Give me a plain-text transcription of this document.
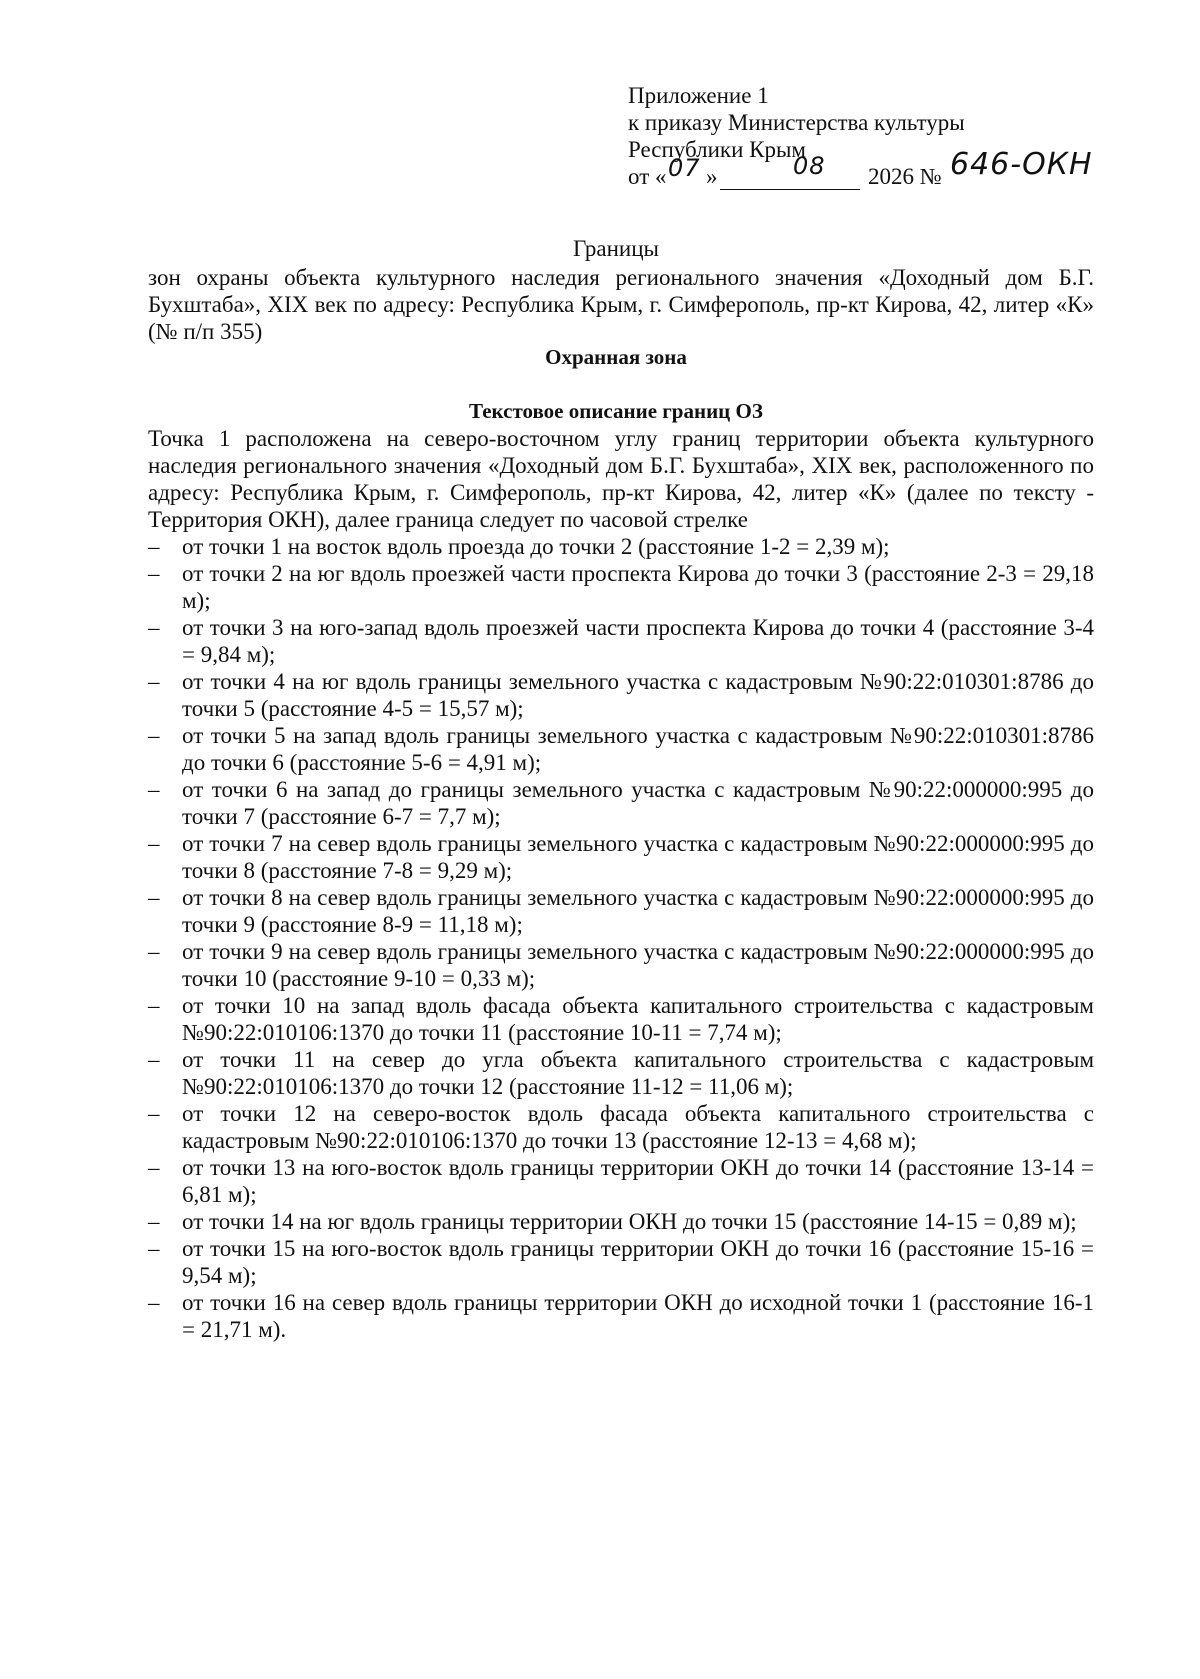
Приложение 1
к приказу Министерства культуры
Республики Крым
от « 07 »	08 2026 № 646-ОКН
Границы
зон охраны объекта культурного наследия регионального значения «Доходный дом Б.Г. Бухштаба», XIX век по адресу: Республика Крым, г. Симферополь, пр-кт Кирова, 42, литер «К» (№ п/п 355)
Охранная зона
Текстовое описание границ ОЗ

Точка 1 расположена на северо-восточном углу границ территории объекта культурного наследия регионального значения «Доходный дом Б.Г. Бухштаба», XIX век, расположенного по адресу: Республика Крым, г. Симферополь, пр-кт Кирова, 42, литер «К» (далее по тексту - Территория ОКН), далее граница следует по часовой стрелке

– от точки 1 на восток вдоль проезда до точки 2 (расстояние 1-2 = 2,39 м);
– от точки 2 на юг вдоль проезжей части проспекта Кирова до точки 3 (расстояние 2-3 = 29,18 м);
– от точки 3 на юго-запад вдоль проезжей части проспекта Кирова до точки 4 (расстояние 3-4 = 9,84 м);
– от точки 4 на юг вдоль границы земельного участка с кадастровым №90:22:010301:8786 до точки 5 (расстояние 4-5 = 15,57 м);
– от точки 5 на запад вдоль границы земельного участка с кадастровым №90:22:010301:8786 до точки 6 (расстояние 5-6 = 4,91 м);
– от точки 6 на запад до границы земельного участка с кадастровым №90:22:000000:995 до точки 7 (расстояние 6-7 = 7,7 м);
– от точки 7 на север вдоль границы земельного участка с кадастровым №90:22:000000:995 до точки 8 (расстояние 7-8 = 9,29 м);
– от точки 8 на север вдоль границы земельного участка с кадастровым №90:22:000000:995 до точки 9 (расстояние 8-9 = 11,18 м);
– от точки 9 на север вдоль границы земельного участка с кадастровым №90:22:000000:995 до точки 10 (расстояние 9-10 = 0,33 м);
– от точки 10 на запад вдоль фасада объекта капитального строительства с кадастровым №90:22:010106:1370 до точки 11 (расстояние 10-11 = 7,74 м);
– от точки 11 на север до угла объекта капитального строительства с кадастровым №90:22:010106:1370 до точки 12 (расстояние 11-12 = 11,06 м);
– от точки 12 на северо-восток вдоль фасада объекта капитального строительства с кадастровым №90:22:010106:1370 до точки 13 (расстояние 12-13 = 4,68 м);
– от точки 13 на юго-восток вдоль границы территории ОКН до точки 14 (расстояние 13-14 = 6,81 м);
– от точки 14 на юг вдоль границы территории ОКН до точки 15 (расстояние 14-15 = 0,89 м);
– от точки 15 на юго-восток вдоль границы территории ОКН до точки 16 (расстояние 15-16 = 9,54 м);
– от точки 16 на север вдоль границы территории ОКН до исходной точки 1 (расстояние 16-1 = 21,71 м).
